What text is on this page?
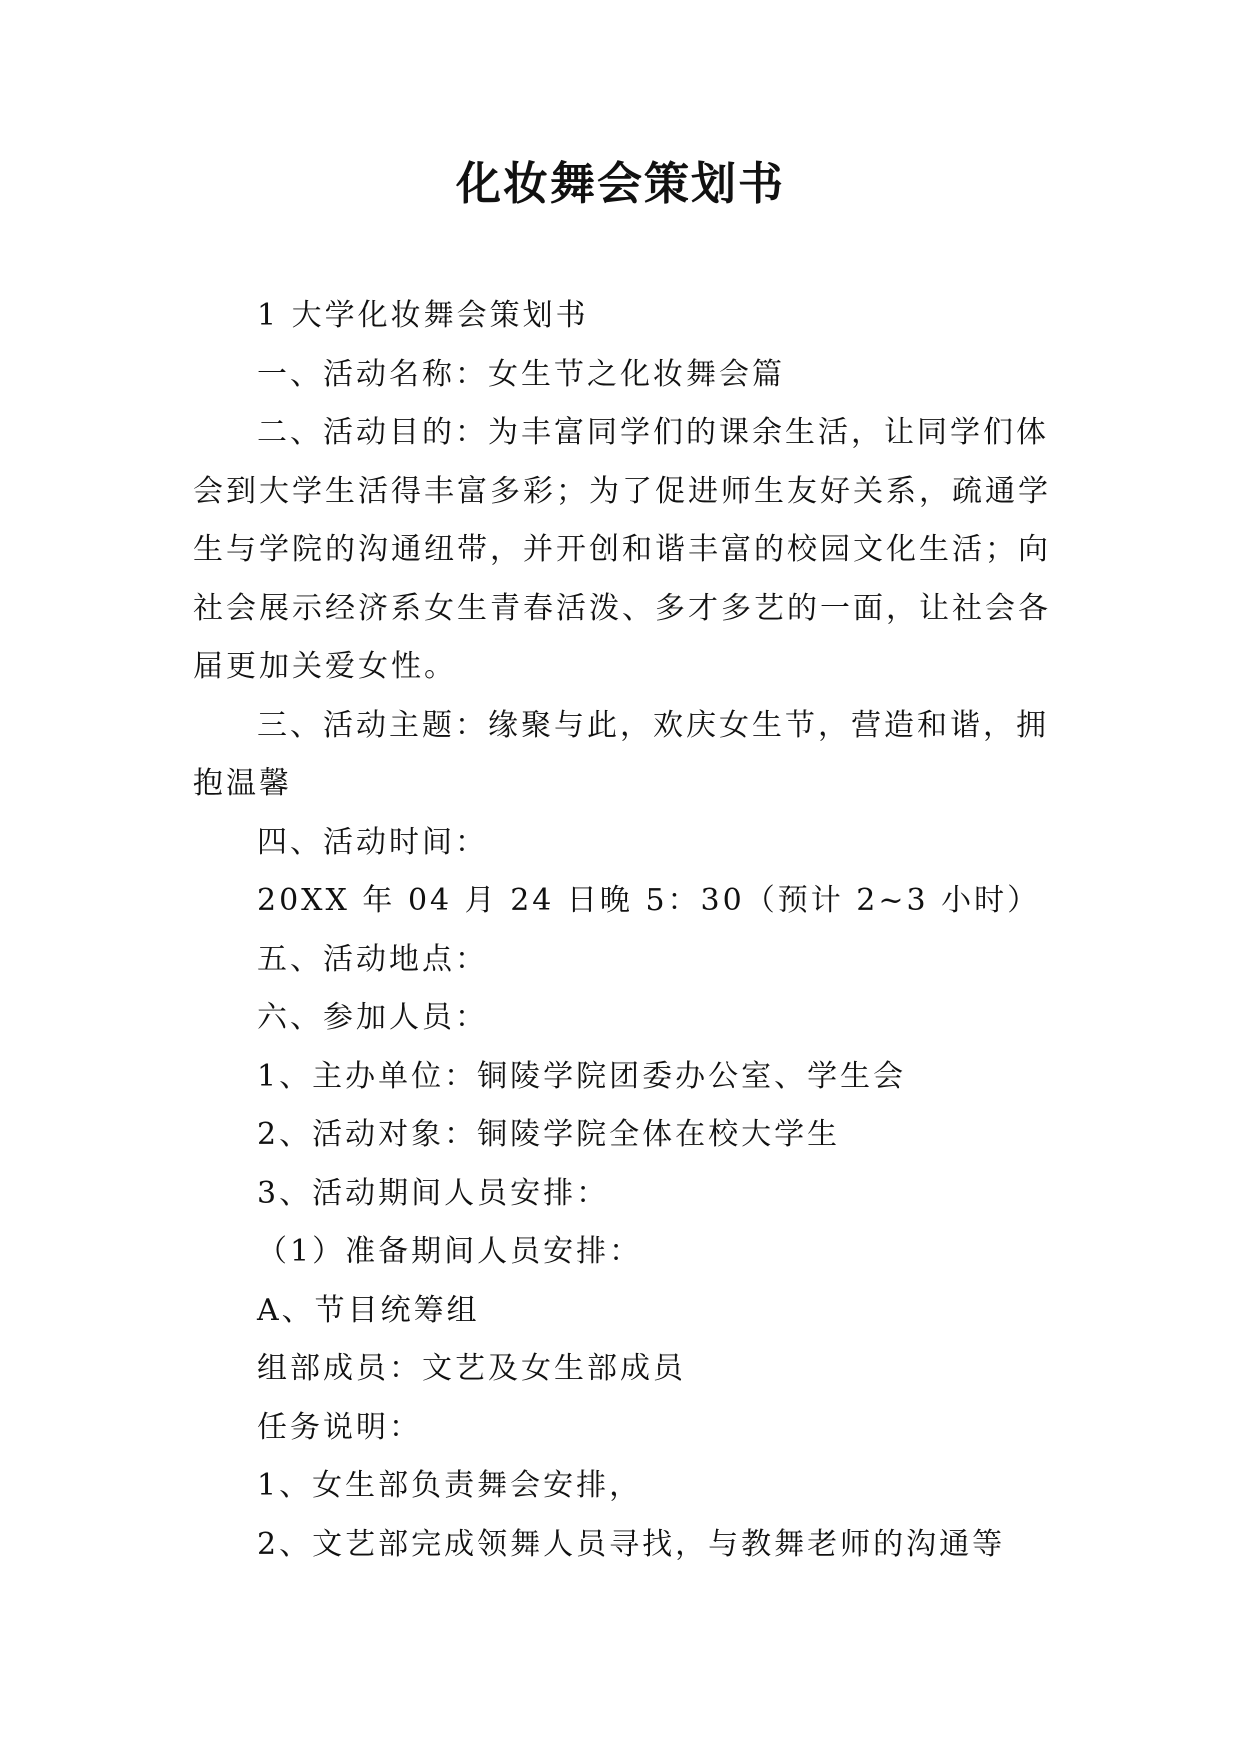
化妆舞会策划书
1 大学化妆舞会策划书
一、活动名称：女生节之化妆舞会篇
二、活动目的：为丰富同学们的课余生活，让同学们体
会到大学生活得丰富多彩；为了促进师生友好关系，疏通学
生与学院的沟通纽带，并开创和谐丰富的校园文化生活；向
社会展示经济系女生青春活泼、多才多艺的一面，让社会各
届更加关爱女性。
三、活动主题：缘聚与此，欢庆女生节，营造和谐，拥
抱温馨
四、活动时间：
20XX 年 04 月 24 日晚 5：30（预计 2~3 小时）
五、活动地点：
六、参加人员：
1、主办单位：铜陵学院团委办公室、学生会
2、活动对象：铜陵学院全体在校大学生
3、活动期间人员安排：
（1）准备期间人员安排：
A、节目统筹组
组部成员：文艺及女生部成员
任务说明：
1、女生部负责舞会安排，
2、文艺部完成领舞人员寻找，与教舞老师的沟通等
